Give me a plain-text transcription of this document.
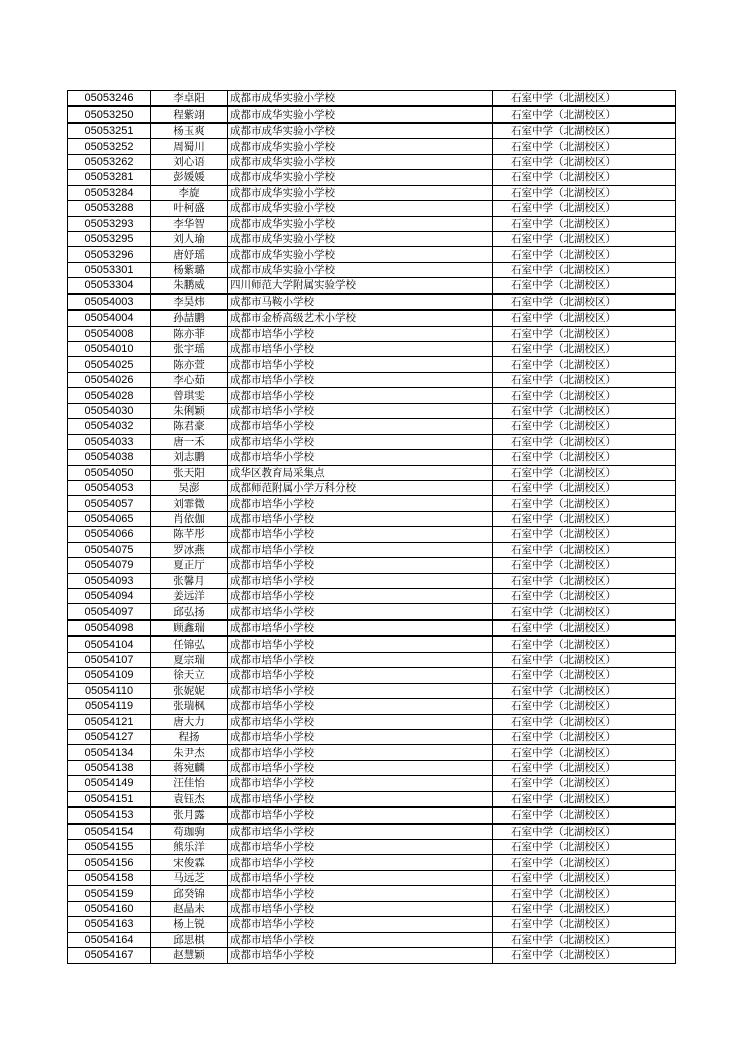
05053246	李卓阳	成都市成华实验小学校	石室中学（北湖校区）
05053250	程紫翊	成都市成华实验小学校	石室中学（北湖校区）
05053251	杨玉爽	成都市成华实验小学校	石室中学（北湖校区）
05053252	周蜀川	成都市成华实验小学校	石室中学（北湖校区）
05053262	刘心语	成都市成华实验小学校	石室中学（北湖校区）
05053281	彭媛媛	成都市成华实验小学校	石室中学（北湖校区）
05053284	李旋	成都市成华实验小学校	石室中学（北湖校区）
05053288	叶柯盛	成都市成华实验小学校	石室中学（北湖校区）
05053293	李华智	成都市成华实验小学校	石室中学（北湖校区）
05053295	刘人瑜	成都市成华实验小学校	石室中学（北湖校区）
05053296	唐妤瑶	成都市成华实验小学校	石室中学（北湖校区）
05053301	杨紫璐	成都市成华实验小学校	石室中学（北湖校区）
05053304	朱鹏威	四川师范大学附属实验学校	石室中学（北湖校区）
05054003	李昊炜	成都市马鞍小学校	石室中学（北湖校区）
05054004	孙喆鹏	成都市金桥高级艺术小学校	石室中学（北湖校区）
05054008	陈亦菲	成都市培华小学校	石室中学（北湖校区）
05054010	张宇瑶	成都市培华小学校	石室中学（北湖校区）
05054025	陈亦萱	成都市培华小学校	石室中学（北湖校区）
05054026	李心茹	成都市培华小学校	石室中学（北湖校区）
05054028	曾琪雯	成都市培华小学校	石室中学（北湖校区）
05054030	朱俐颖	成都市培华小学校	石室中学（北湖校区）
05054032	陈君豪	成都市培华小学校	石室中学（北湖校区）
05054033	唐一禾	成都市培华小学校	石室中学（北湖校区）
05054038	刘志鹏	成都市培华小学校	石室中学（北湖校区）
05054050	张天阳	成华区教育局采集点	石室中学（北湖校区）
05054053	吴澎	成都师范附属小学万科分校	石室中学（北湖校区）
05054057	刘霏微	成都市培华小学校	石室中学（北湖校区）
05054065	肖依伽	成都市培华小学校	石室中学（北湖校区）
05054066	陈芊彤	成都市培华小学校	石室中学（北湖校区）
05054075	罗冰燕	成都市培华小学校	石室中学（北湖校区）
05054079	夏正厅	成都市培华小学校	石室中学（北湖校区）
05054093	张馨月	成都市培华小学校	石室中学（北湖校区）
05054094	姜远洋	成都市培华小学校	石室中学（北湖校区）
05054097	邱弘扬	成都市培华小学校	石室中学（北湖校区）
05054098	顾鑫瑞	成都市培华小学校	石室中学（北湖校区）
05054104	任锦弘	成都市培华小学校	石室中学（北湖校区）
05054107	夏宗瑞	成都市培华小学校	石室中学（北湖校区）
05054109	徐天立	成都市培华小学校	石室中学（北湖校区）
05054110	张妮妮	成都市培华小学校	石室中学（北湖校区）
05054119	张瑞枫	成都市培华小学校	石室中学（北湖校区）
05054121	唐大力	成都市培华小学校	石室中学（北湖校区）
05054127	程扬	成都市培华小学校	石室中学（北湖校区）
05054134	朱尹杰	成都市培华小学校	石室中学（北湖校区）
05054138	蒋宛麟	成都市培华小学校	石室中学（北湖校区）
05054149	汪佳怡	成都市培华小学校	石室中学（北湖校区）
05054151	袁钰杰	成都市培华小学校	石室中学（北湖校区）
05054153	张月露	成都市培华小学校	石室中学（北湖校区）
05054154	苟珈驹	成都市培华小学校	石室中学（北湖校区）
05054155	熊乐洋	成都市培华小学校	石室中学（北湖校区）
05054156	宋俊霖	成都市培华小学校	石室中学（北湖校区）
05054158	马远芝	成都市培华小学校	石室中学（北湖校区）
05054159	邱癸锦	成都市培华小学校	石室中学（北湖校区）
05054160	赵晶未	成都市培华小学校	石室中学（北湖校区）
05054163	杨上锐	成都市培华小学校	石室中学（北湖校区）
05054164	邱思棋	成都市培华小学校	石室中学（北湖校区）
05054167	赵慧颖	成都市培华小学校	石室中学（北湖校区）
